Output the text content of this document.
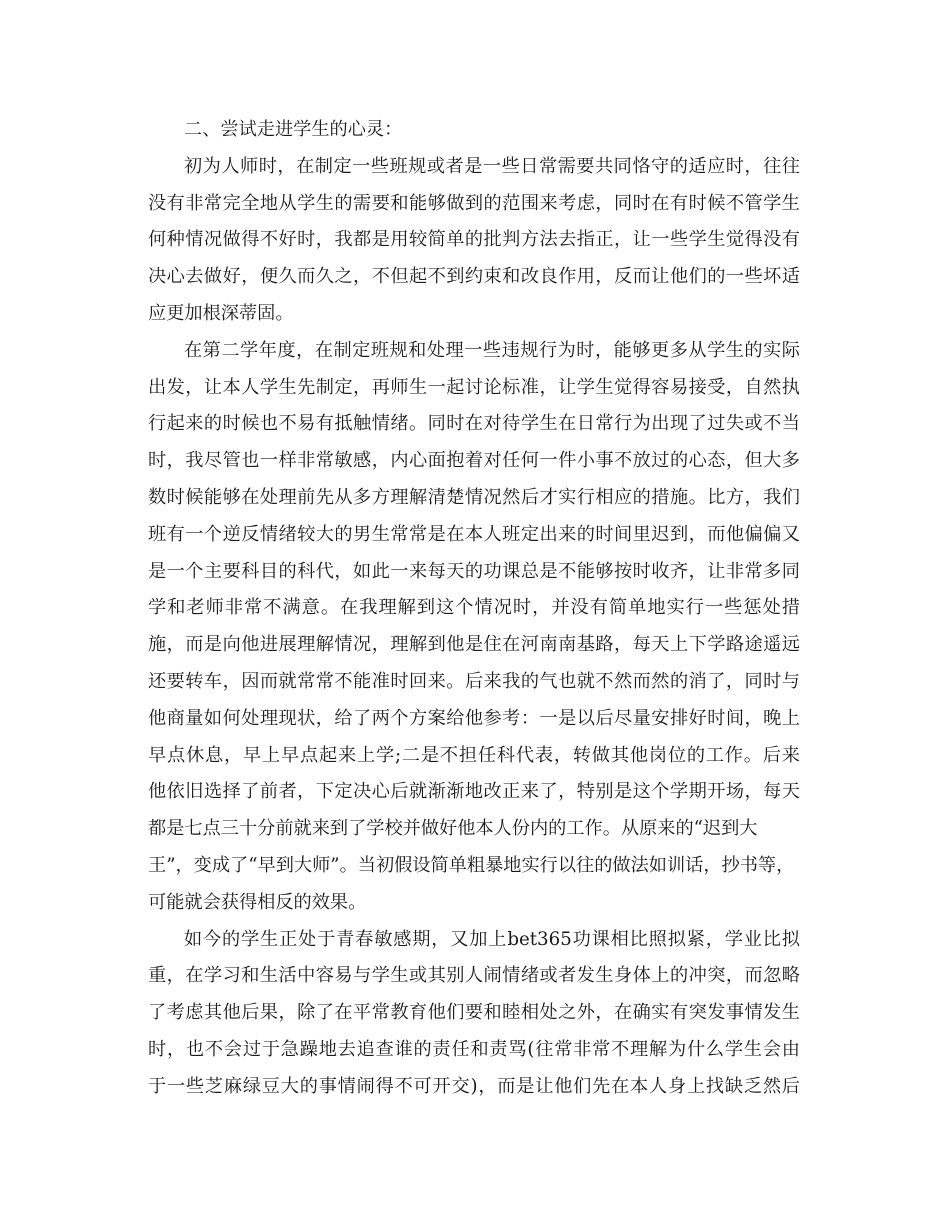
二、尝试走进学生的心灵：
初为人师时，在制定一些班规或者是一些日常需要共同恪守的适应时，往往
没有非常完全地从学生的需要和能够做到的范围来考虑，同时在有时候不管学生
何种情况做得不好时，我都是用较简单的批判方法去指正，让一些学生觉得没有
决心去做好，便久而久之，不但起不到约束和改良作用，反而让他们的一些坏适
应更加根深蒂固。
在第二学年度，在制定班规和处理一些违规行为时，能够更多从学生的实际
出发，让本人学生先制定，再师生一起讨论标准，让学生觉得容易接受，自然执
行起来的时候也不易有抵触情绪。同时在对待学生在日常行为出现了过失或不当
时，我尽管也一样非常敏感，内心面抱着对任何一件小事不放过的心态，但大多
数时候能够在处理前先从多方理解清楚情况然后才实行相应的措施。比方，我们
班有一个逆反情绪较大的男生常常是在本人班定出来的时间里迟到，而他偏偏又
是一个主要科目的科代，如此一来每天的功课总是不能够按时收齐，让非常多同
学和老师非常不满意。在我理解到这个情况时，并没有简单地实行一些惩处措
施，而是向他进展理解情况，理解到他是住在河南南基路，每天上下学路途遥远
还要转车，因而就常常不能准时回来。后来我的气也就不然而然的消了，同时与
他商量如何处理现状，给了两个方案给他参考：一是以后尽量安排好时间，晚上
早点休息，早上早点起来上学;二是不担任科代表，转做其他岗位的工作。后来
他依旧选择了前者，下定决心后就渐渐地改正来了，特别是这个学期开场，每天
都是七点三十分前就来到了学校并做好他本人份内的工作。从原来的“迟到大
王”，变成了“早到大师”。当初假设简单粗暴地实行以往的做法如训话，抄书等，
可能就会获得相反的效果。
如今的学生正处于青春敏感期，又加上bet365功课相比照拟紧，学业比拟
重，在学习和生活中容易与学生或其别人闹情绪或者发生身体上的冲突，而忽略
了考虑其他后果，除了在平常教育他们要和睦相处之外，在确实有突发事情发生
时，也不会过于急躁地去追查谁的责任和责骂(往常非常不理解为什么学生会由
于一些芝麻绿豆大的事情闹得不可开交)，而是让他们先在本人身上找缺乏然后
